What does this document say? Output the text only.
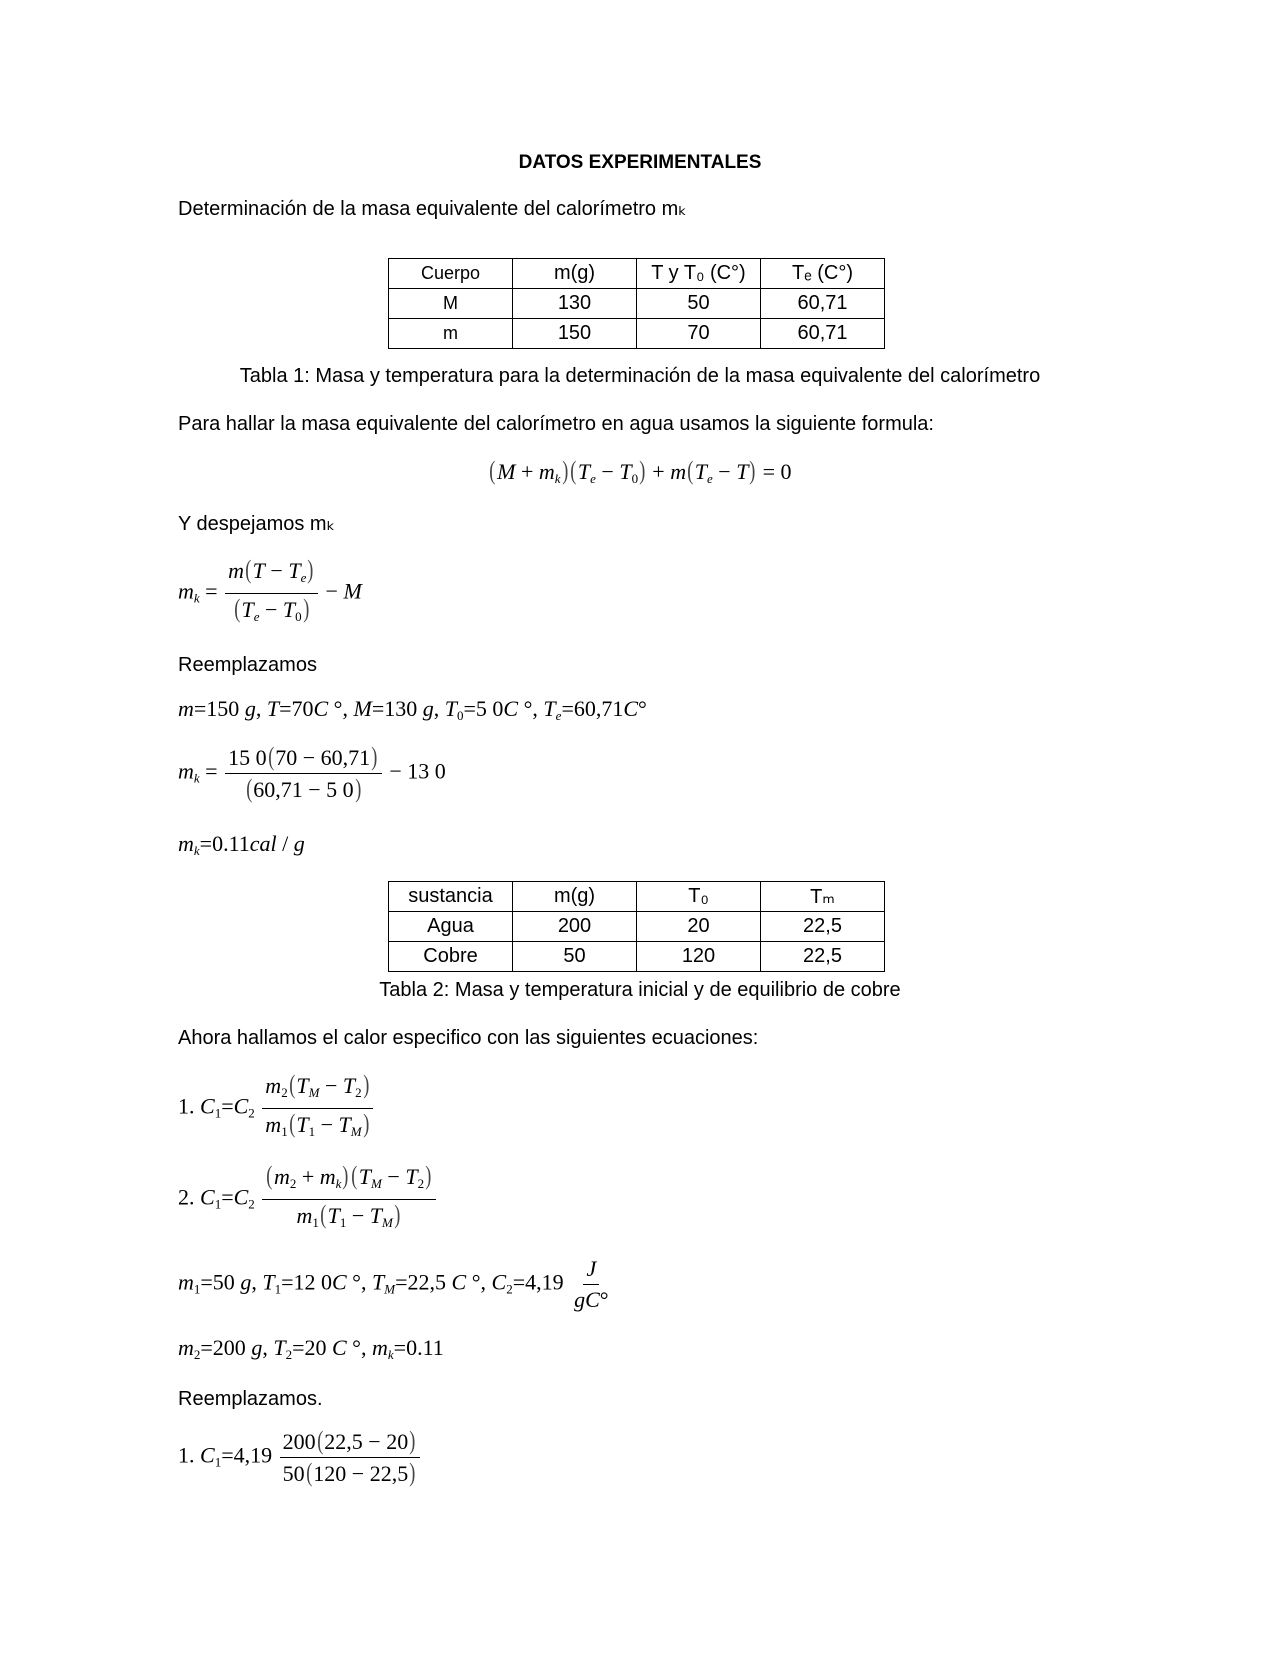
DATOS EXPERIMENTALES
Determinación de la masa equivalente del calorímetro mₖ
Cuerpo	m(g)	T y T₀ (C°)	Tₑ (C°)
M	130	50	60,71
m	150	70	60,71
Tabla 1: Masa y temperatura para la determinación de la masa equivalente del calorímetro
Para hallar la masa equivalente del calorímetro en agua usamos la siguiente formula:
$(M + m_k)$ $(T_e - T_0) + m(T_e - T) = 0$
Y despejamos mₖ
$m_k = \frac{m(T - T_e)}{(T_e - T_0)} - M$
Reemplazamos
m=150 g, T=70C °, M=130 g, $T_0=5$ 0C °, $T_e=60,71C^\circ$
$m_k = \frac{15 0(70 - 60,71)}{(60,71 - 5 0)} - 13$ 0
$m_k=0.11cal / g$
sustancia	m(g)	T₀	Tₘ
Agua	200	20	22,5
Cobre	50	120	22,5
Tabla 2: Masa y temperatura inicial y de equilibrio de cobre
Ahora hallamos el calor especifico con las siguientes ecuaciones:
1. $C_1=C_2 \frac{m_2(T_M - T_2)}{m_1(T_1 - T_M)}$
2. $C_1=C_2 \frac{(m_2 + m_k) (T_M - T_2)}{m_1(T_1 - T_M)}$
$m_1=50$ g, $T_1=12$ 0C °, $T_M=22,5$ C °, $C_2=4,19 \frac{J}{gC^\circ}$
$m_2=200$ g, $T_2=20$ C °, $m_k=0.11$
Reemplazamos.
1. $C_1=4,19 \frac{200(22,5 - 20)}{50(120 - 22,5)}$
